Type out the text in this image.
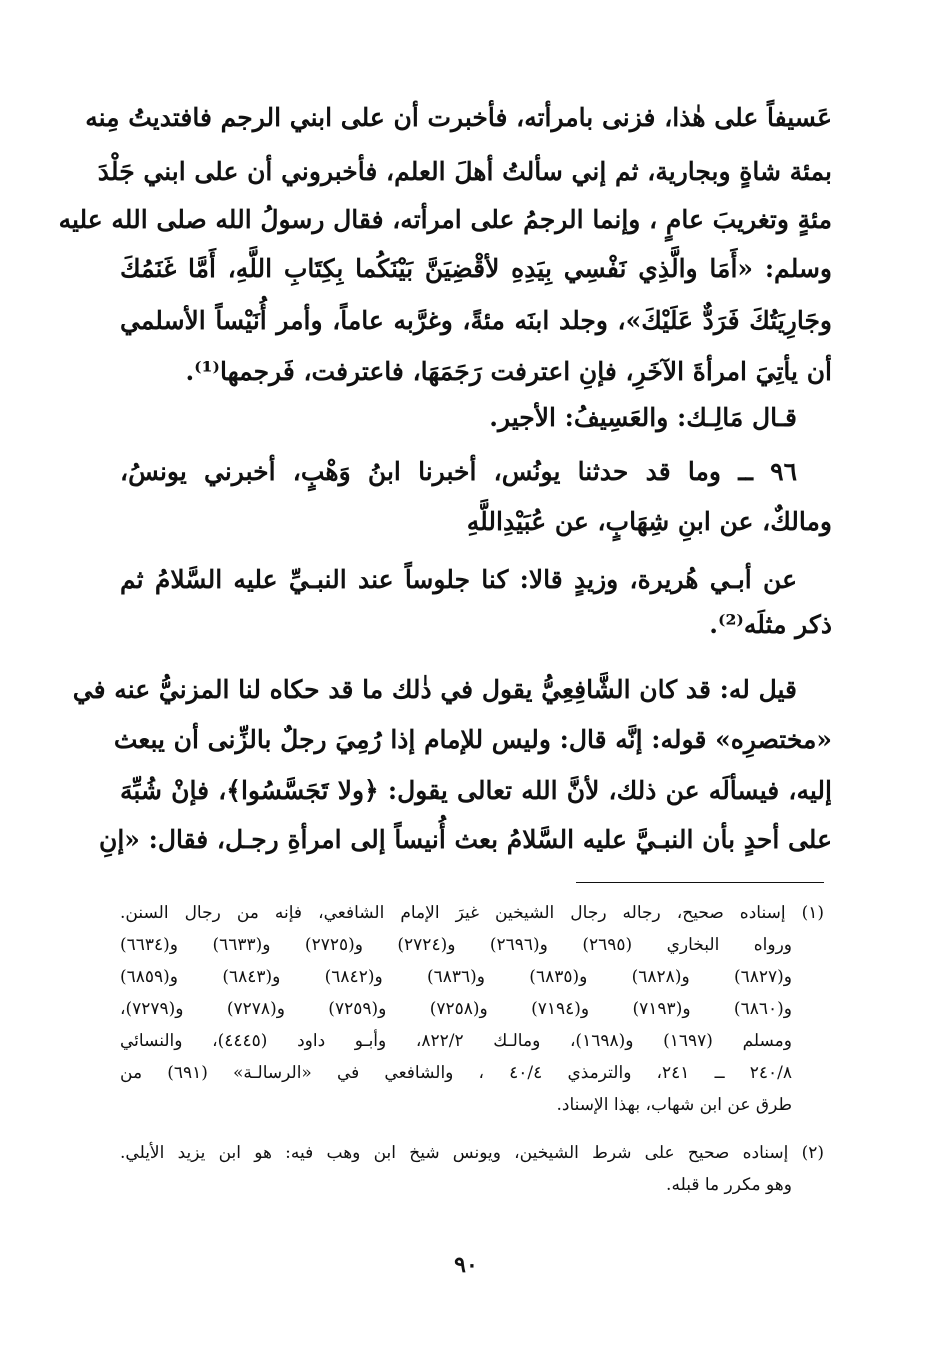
عَسيفاً على هٰذا، فزنى بامرأته، فأخبرت أن على ابني الرجم فافتديتُ مِنه
بمئة شاةٍ وبجارية، ثم إني سألتُ أهلَ العلم، فأخبروني أن على ابني جَلْدَ
مئةٍ وتغريبَ عامٍ ، وإنما الرجمُ على امرأته، فقال رسولُ الله صلى الله عليه
وسلم: «أَمَا والَّذِي نَفْسِي بِيَدِهِ لأقْضِيَنَّ بَيْنَكُما بِكِتَابِ اللَّهِ، أَمَّا غَنَمُكَ
وجَارِيَتُكَ فَرَدٌّ عَلَيْكَ»، وجلد ابنَه مئةً، وغرَّبه عاماً، وأمر أُنَيْساً الأسلمي
أن يأتِيَ امرأةَ الآخَرِ، فإنِ اعترفت رَجَمَهَا، فاعترفت، فَرجمها⁽¹⁾.
قـال مَالِـك: والعَسِيفُ: الأجير.
٩٦ ــ وما قد حدثنا يونُس، أخبرنا ابنُ وَهْبٍ، أخبرني يونسُ،
ومالكٌ، عن ابنِ شِهَابٍ، عن عُبَيْدِاللَّهِ
عن أبـي هُريرة، وزيدٍ قالا: كنا جلوساً عند النبـيِّ عليه السَّلامُ ثم
ذكر مثلَه⁽²⁾.
قيل له: قد كان الشَّافِعِيُّ يقول في ذٰلك ما قد حكاه لنا المزنيُّ عنه في
«مختصرِه» قوله: إنَّه قال: وليس للإمام إذا رُمِيَ رجلٌ بالزِّنى أن يبعث
إليه، فيسألَه عن ذلك، لأنَّ الله تعالى يقول: ﴿ولا تَجَسَّسُوا﴾، فإنْ شُبِّهَ
على أحدٍ بأن النبـيَّ عليه السَّلامُ بعث أُنيساً إلى امرأةِ رجـل، فقال: «إنِ
(١) إسناده صحيح، رجاله رجال الشيخين غيرَ الإمام الشافعي، فإنه من رجال السنن.
ورواه البخاري (٢٦٩٥) و(٢٦٩٦) و(٢٧٢٤) و(٢٧٢٥) و(٦٦٣٣) و(٦٦٣٤)
و(٦٨٢٧) و(٦٨٢٨) و(٦٨٣٥) و(٦٨٣٦) و(٦٨٤٢) و(٦٨٤٣) و(٦٨٥٩)
و(٦٨٦٠) و(٧١٩٣) و(٧١٩٤) و(٧٢٥٨) و(٧٢٥٩) و(٧٢٧٨) و(٧٢٧٩)،
ومسلم (١٦٩٧) و(١٦٩٨)، ومالـك ٨٢٢/٢، وأبـو داود (٤٤٤٥)، والنسائي
٢٤٠/٨ ــ ٢٤١، والترمذي ٤٠/٤ ، والشافعي في «الرسالـة» (٦٩١) من
طرق عن ابن شهاب، بهذا الإسناد.
(٢) إسناده صحيح على شرط الشيخين، ويونس شيخ ابن وهب فيه: هو ابن يزيد الأيلي.
وهو مكرر ما قبله.
٩٠
